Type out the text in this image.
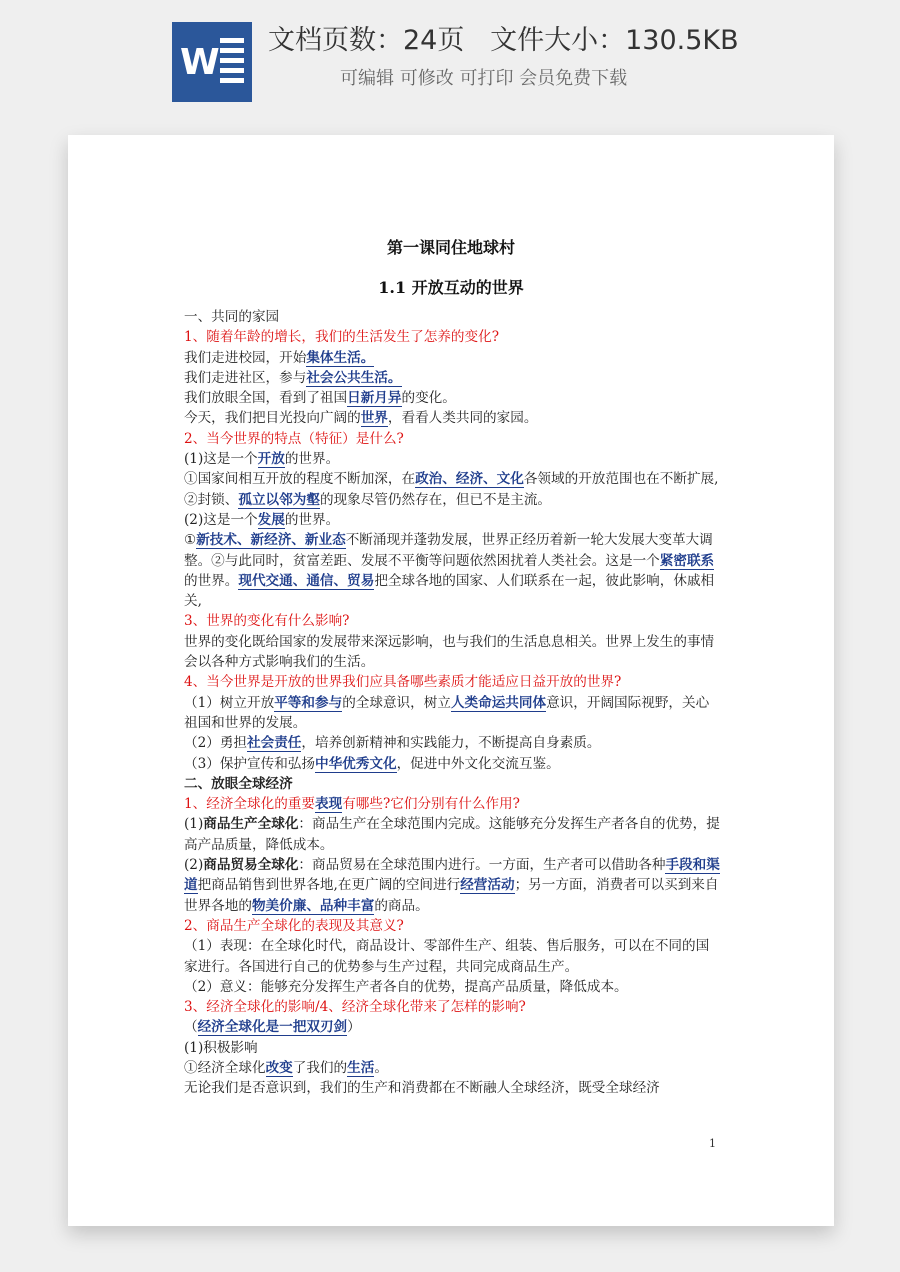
W
文档页数：24页   文件大小：130.5KB
可编辑 可修改 可打印 会员免费下载
第一课同住地球村
1.1 开放互动的世界

一、共同的家园

1、随着年龄的增长，我们的生活发生了怎养的变化?

我们走进校园，开始集体生活。

我们走进社区，参与社会公共生活。

我们放眼全国，看到了祖国日新月异的变化。

今天，我们把目光投向广阔的世界，看看人类共同的家园。

2、当今世界的特点（特征）是什么?

(1)这是一个开放的世界。

①国家间相互开放的程度不断加深，在政治、经济、文化各领域的开放范围也在不断扩展,

②封锁、孤立以邻为壑的现象尽管仍然存在，但已不是主流。

(2)这是一个发展的世界。

①新技术、新经济、新业态不断涌现并蓬勃发展，世界正经历着新一轮大发展大变革大调整。②与此同时，贫富差距、发展不平衡等问题依然困扰着人类社会。这是一个紧密联系的世界。现代交通、通信、贸易把全球各地的国家、人们联系在一起，彼此影响，休戚相关,

3、世界的变化有什么影响?

世界的变化既给国家的发展带来深远影响，也与我们的生活息息相关。世界上发生的事情会以各种方式影响我们的生活。

4、当今世界是开放的世界我们应具备哪些素质才能适应日益开放的世界?

（1）树立开放平等和参与的全球意识，树立人类命运共同体意识，开阔国际视野，关心祖国和世界的发展。

（2）勇担社会责任，培养创新精神和实践能力，不断提高自身素质。

（3）保护宣传和弘扬中华优秀文化，促进中外文化交流互鉴。

二、放眼全球经济

1、经济全球化的重要表现有哪些?它们分别有什么作用?

(1)商品生产全球化：商品生产在全球范围内完成。这能够充分发挥生产者各自的优势，提高产品质量，降低成本。

(2)商品贸易全球化：商品贸易在全球范围内进行。一方面，生产者可以借助各种手段和渠道把商品销售到世界各地,在更广阔的空间进行经营活动；另一方面，消费者可以买到来自世界各地的物美价廉、品种丰富的商品。

2、商品生产全球化的表现及其意义?

（1）表现：在全球化时代，商品设计、零部件生产、组装、售后服务，可以在不同的国家进行。各国进行自己的优势参与生产过程，共同完成商品生产。

（2）意义：能够充分发挥生产者各自的优势，提高产品质量，降低成本。

3、经济全球化的影响/4、经济全球化带来了怎样的影响?

（经济全球化是一把双刃剑）

(1)积极影响

①经济全球化改变了我们的生活。

无论我们是否意识到，我们的生产和消费都在不断融人全球经济，既受全球经济

1
